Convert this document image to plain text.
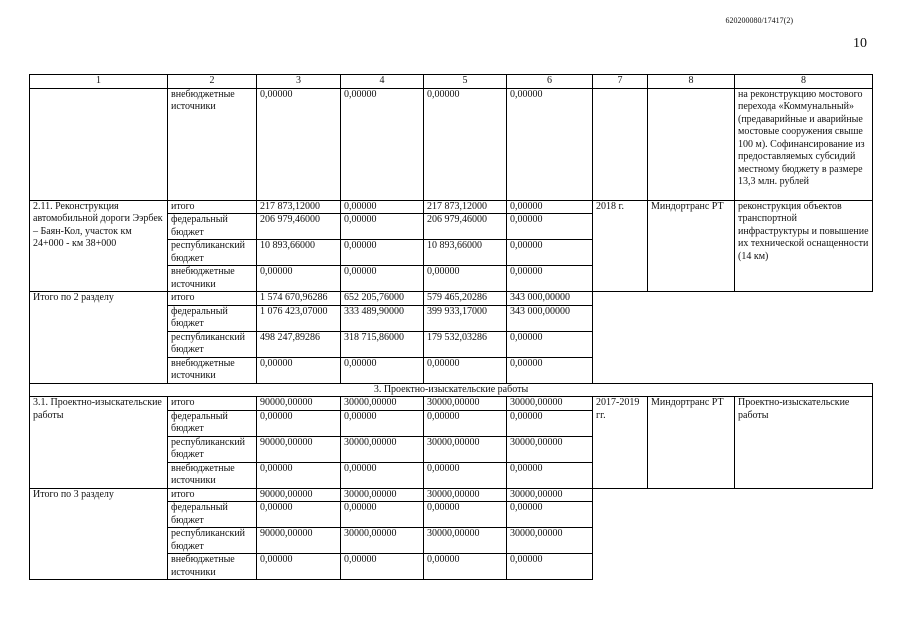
620200080/17417(2)
10
1	2	3	4	5	6	7	8	8
	внебюджетные источники	0,00000	0,00000	0,00000	0,00000			на реконструкцию мостового перехода «Коммунальный» (предаварийные и аварийные мостовые сооружения свыше 100 м). Софинансирование из предоставляемых субсидий местному бюджету в размере 13,3 млн. рублей
2.11. Реконструкция автомобильной дороги Ээрбек – Баян-Кол, участок км 24+000 - км 38+000	итого	217 873,12000	0,00000	217 873,12000	0,00000	2018 г.	Миндортранс РТ	реконструкция объектов транспортной инфраструктуры и повышение их технической оснащенности (14 км)
	федеральный бюджет	206 979,46000	0,00000	206 979,46000	0,00000			
	республиканский бюджет	10 893,66000	0,00000	10 893,66000	0,00000			
	внебюджетные источники	0,00000	0,00000	0,00000	0,00000			
Итого по 2 разделу	итого	1 574 670,96286	652 205,76000	579 465,20286	343 000,00000			
	федеральный бюджет	1 076 423,07000	333 489,90000	399 933,17000	343 000,00000			
	республиканский бюджет	498 247,89286	318 715,86000	179 532,03286	0,00000			
	внебюджетные источники	0,00000	0,00000	0,00000	0,00000			
3. Проектно-изыскательские работы								
3.1. Проектно-изыскательские работы	итого	90000,00000	30000,00000	30000,00000	30000,00000	2017-2019 гг.	Миндортранс РТ	Проектно-изыскательские работы
	федеральный бюджет	0,00000	0,00000	0,00000	0,00000			
	республиканский бюджет	90000,00000	30000,00000	30000,00000	30000,00000			
	внебюджетные источники	0,00000	0,00000	0,00000	0,00000			
Итого по 3 разделу	итого	90000,00000	30000,00000	30000,00000	30000,00000			
	федеральный бюджет	0,00000	0,00000	0,00000	0,00000			
	республиканский бюджет	90000,00000	30000,00000	30000,00000	30000,00000			
	внебюджетные источники	0,00000	0,00000	0,00000	0,00000			
